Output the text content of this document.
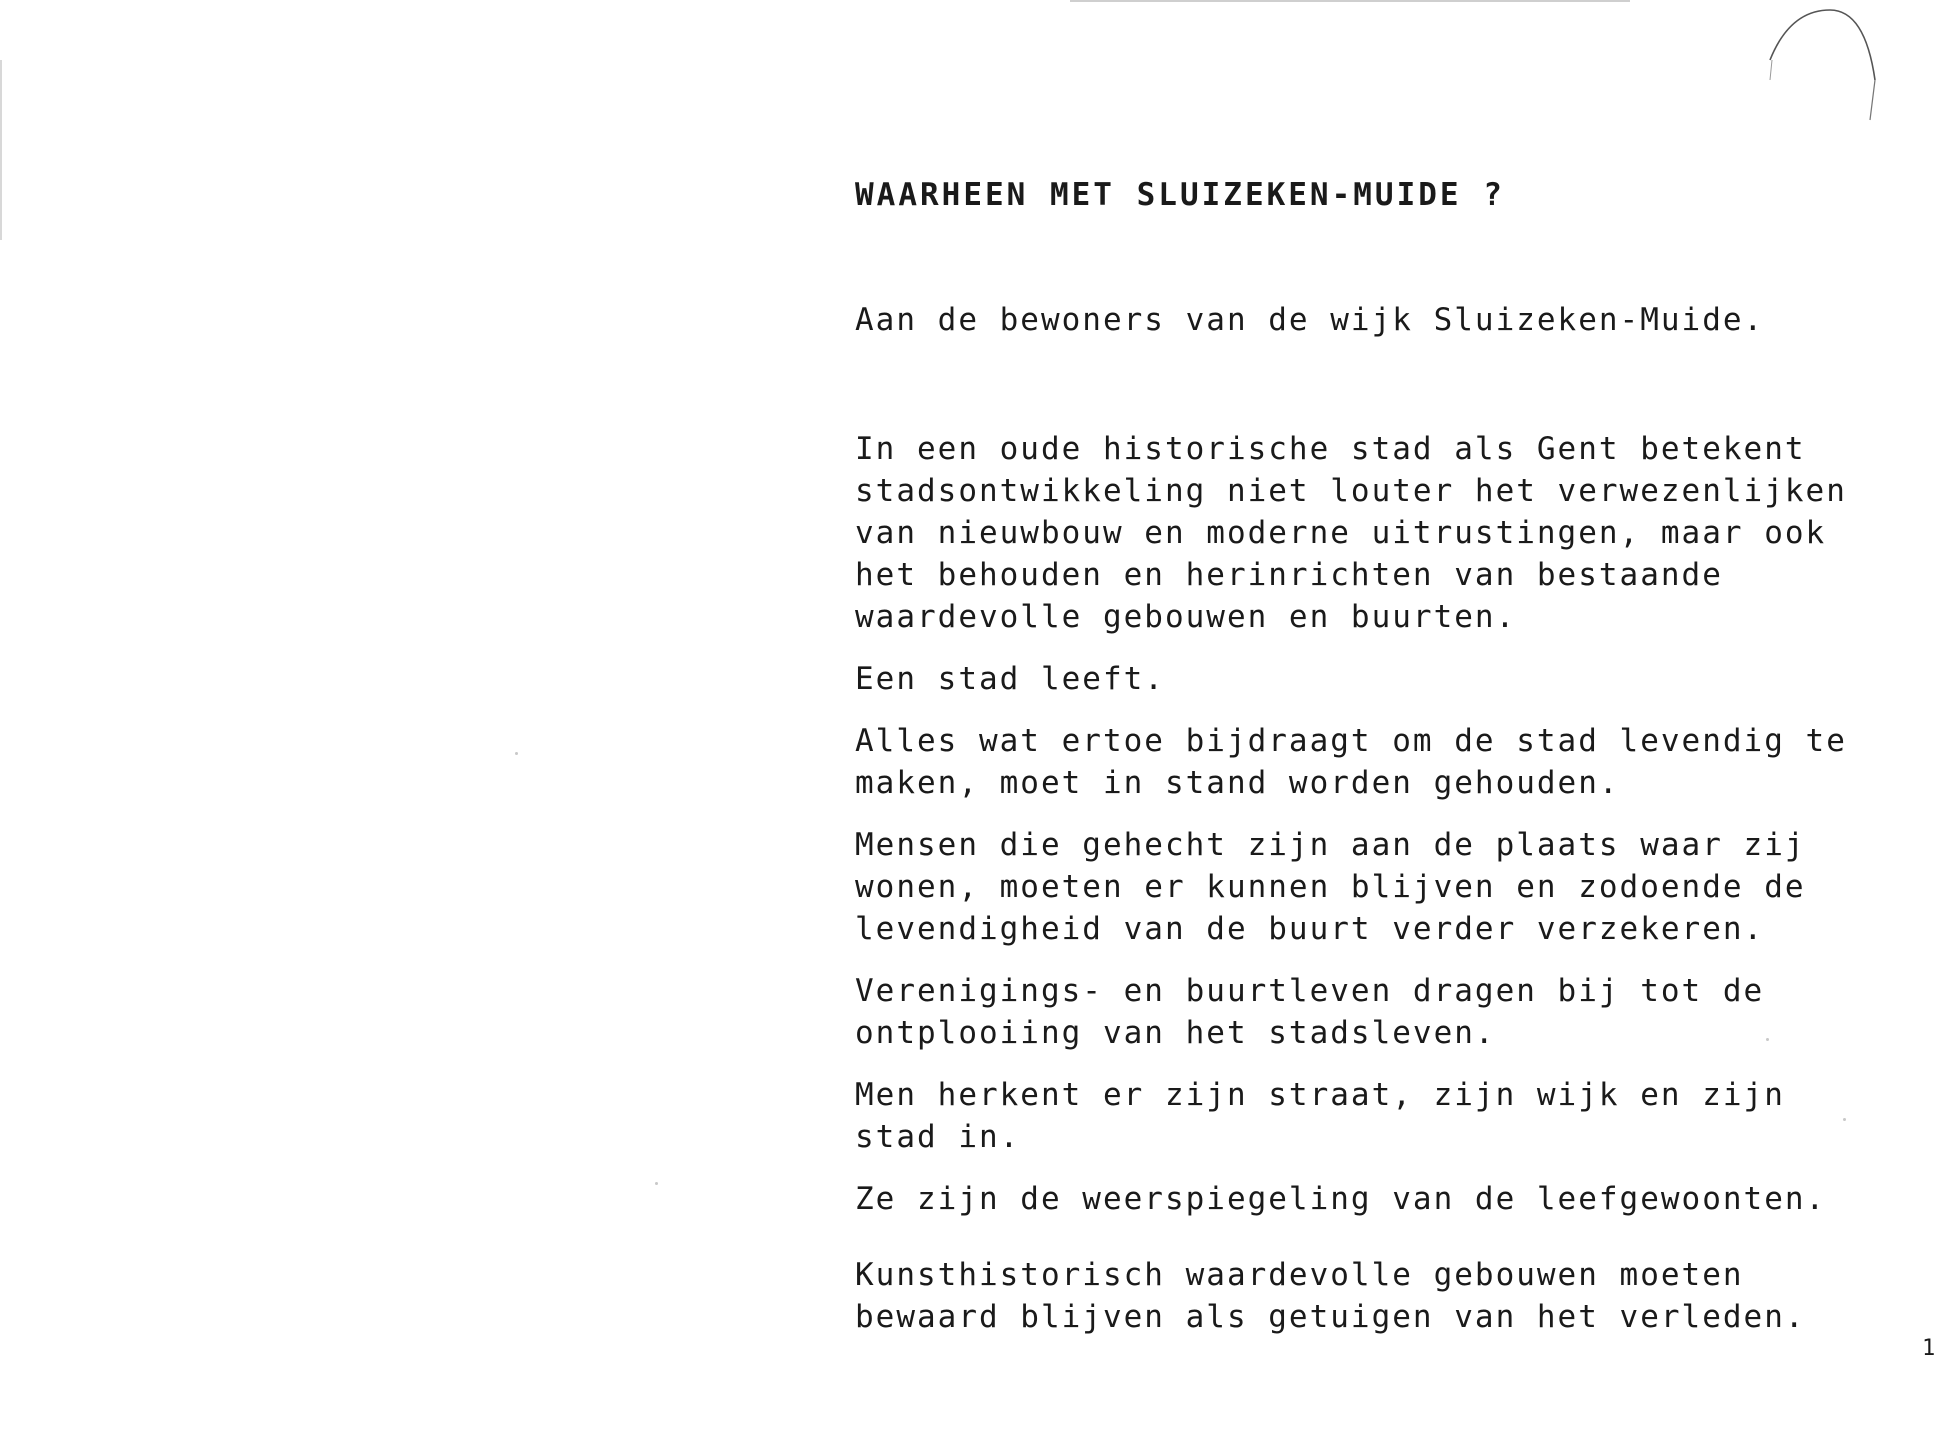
WAARHEEN MET SLUIZEKEN-MUIDE ?

Aan de bewoners van de wijk Sluizeken-Muide.

In een oude historische stad als Gent betekent
stadsontwikkeling niet louter het verwezenlijken
van nieuwbouw en moderne uitrustingen, maar ook
het behouden en herinrichten van bestaande
waardevolle gebouwen en buurten.

Een stad leeft.

Alles wat ertoe bijdraagt om de stad levendig te
maken, moet in stand worden gehouden.

Mensen die gehecht zijn aan de plaats waar zij
wonen, moeten er kunnen blijven en zodoende de
levendigheid van de buurt verder verzekeren.

Verenigings- en buurtleven dragen bij tot de
ontplooiing van het stadsleven.

Men herkent er zijn straat, zijn wijk en zijn
stad in.

Ze zijn de weerspiegeling van de leefgewoonten.

Kunsthistorisch waardevolle gebouwen moeten
bewaard blijven als getuigen van het verleden.

1
